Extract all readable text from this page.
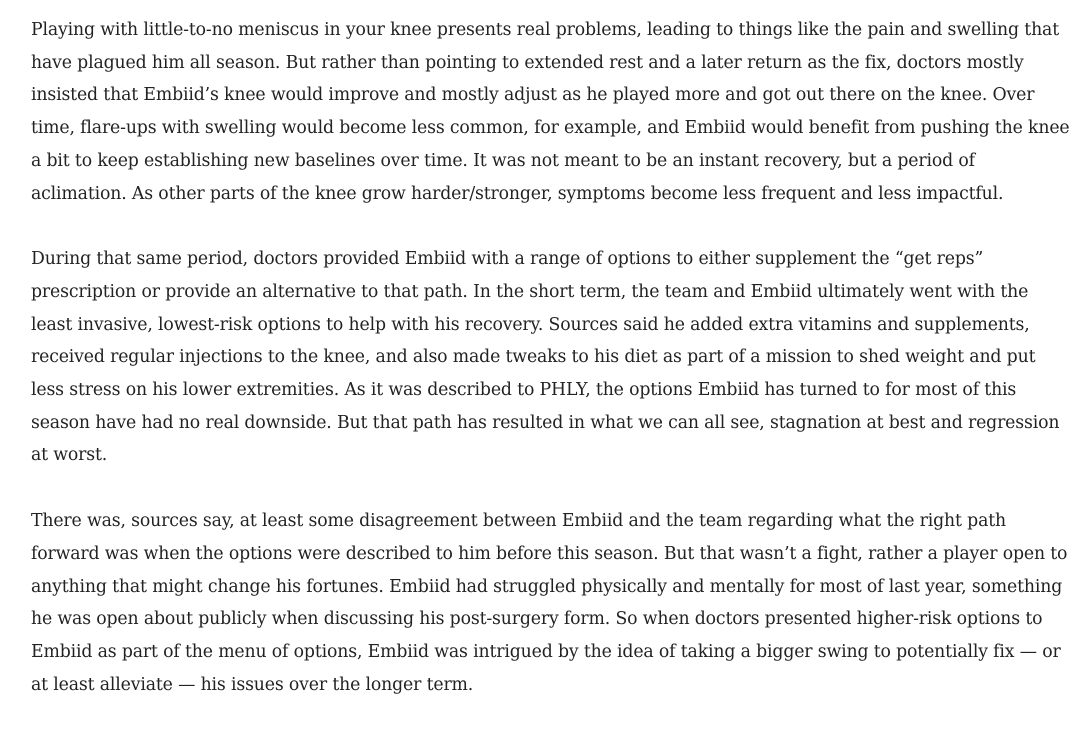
Playing with little-to-no meniscus in your knee presents real problems, leading to things like the pain and swelling that have plagued him all season. But rather than pointing to extended rest and a later return as the fix, doctors mostly insisted that Embiid’s knee would improve and mostly adjust as he played more and got out there on the knee. Over time, flare-ups with swelling would become less common, for example, and Embiid would benefit from pushing the knee a bit to keep establishing new baselines over time. It was not meant to be an instant recovery, but a period of aclimation. As other parts of the knee grow harder/stronger, symptoms become less frequent and less impactful.

During that same period, doctors provided Embiid with a range of options to either supplement the “get reps” prescription or provide an alternative to that path. In the short term, the team and Embiid ultimately went with the least invasive, lowest-risk options to help with his recovery. Sources said he added extra vitamins and supplements, received regular injections to the knee, and also made tweaks to his diet as part of a mission to shed weight and put less stress on his lower extremities. As it was described to PHLY, the options Embiid has turned to for most of this season have had no real downside. But that path has resulted in what we can all see, stagnation at best and regression at worst.

There was, sources say, at least some disagreement between Embiid and the team regarding what the right path forward was when the options were described to him before this season. But that wasn’t a fight, rather a player open to anything that might change his fortunes. Embiid had struggled physically and mentally for most of last year, something he was open about publicly when discussing his post-surgery form. So when doctors presented higher-risk options to Embiid as part of the menu of options, Embiid was intrigued by the idea of taking a bigger swing to potentially fix — or at least alleviate — his issues over the longer term.
